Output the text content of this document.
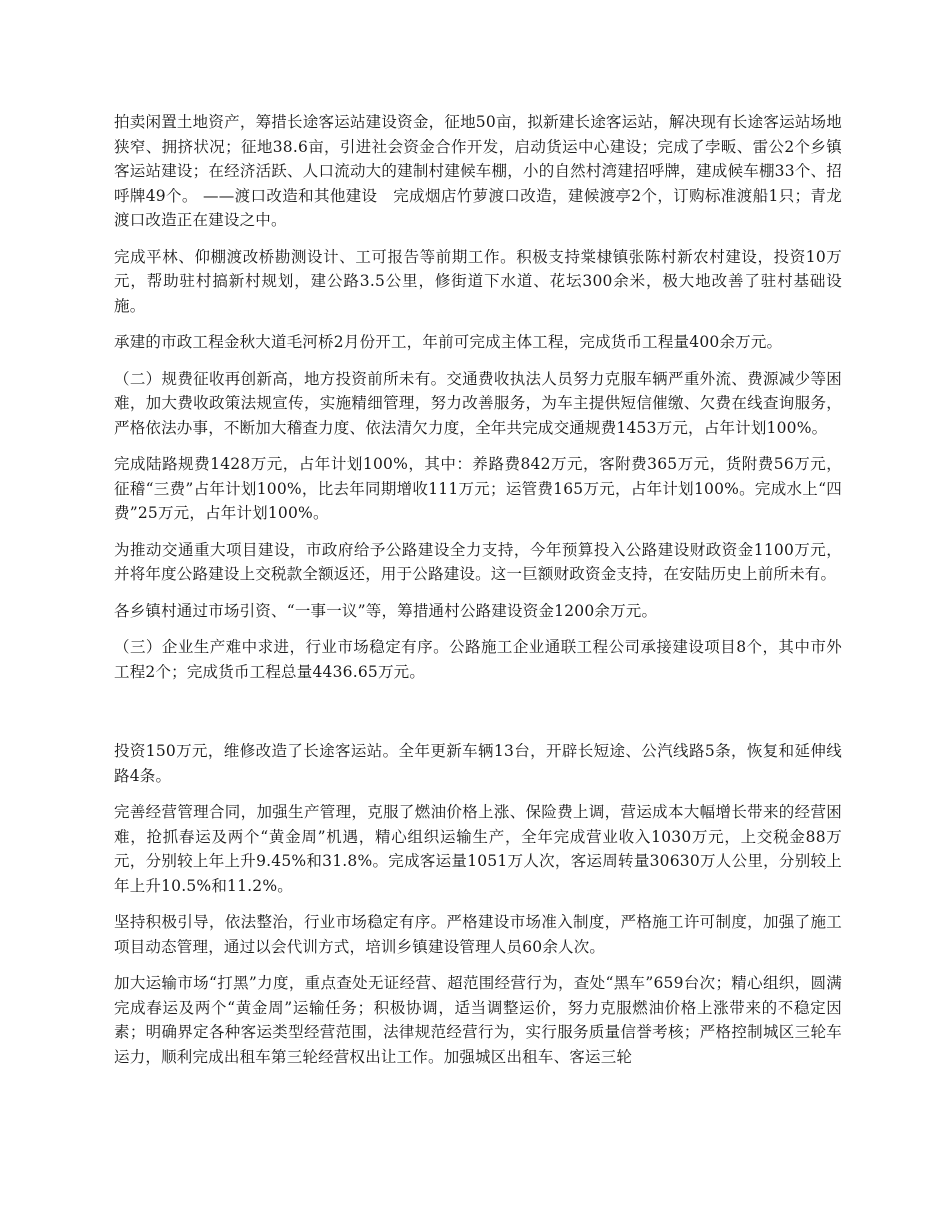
拍卖闲置土地资产，筹措长途客运站建设资金，征地50亩，拟新建长途客运站，解决现有长途客运站场地狭窄、拥挤状况；征地38.6亩，引进社会资金合作开发，启动货运中心建设；完成了孛畈、雷公2个乡镇客运站建设；在经济活跃、人口流动大的建制村建候车棚，小的自然村湾建招呼牌，建成候车棚33个、招呼牌49个。 ——渡口改造和其他建设　完成烟店竹萝渡口改造，建候渡亭2个，订购标准渡船1只；青龙渡口改造正在建设之中。

完成平林、仰棚渡改桥勘测设计、工可报告等前期工作。积极支持棠棣镇张陈村新农村建设，投资10万元，帮助驻村搞新村规划，建公路3.5公里，修街道下水道、花坛300余米，极大地改善了驻村基础设施。

承建的市政工程金秋大道毛河桥2月份开工，年前可完成主体工程，完成货币工程量400余万元。

（二）规费征收再创新高，地方投资前所未有。交通费收执法人员努力克服车辆严重外流、费源减少等困难，加大费收政策法规宣传，实施精细管理，努力改善服务，为车主提供短信催缴、欠费在线查询服务，严格依法办事，不断加大稽查力度、依法清欠力度，全年共完成交通规费1453万元，占年计划100%。

完成陆路规费1428万元，占年计划100%，其中：养路费842万元，客附费365万元，货附费56万元，征稽“三费”占年计划100%，比去年同期增收111万元；运管费165万元，占年计划100%。完成水上“四费”25万元，占年计划100%。

为推动交通重大项目建设，市政府给予公路建设全力支持，今年预算投入公路建设财政资金1100万元，并将年度公路建设上交税款全额返还，用于公路建设。这一巨额财政资金支持，在安陆历史上前所未有。

各乡镇村通过市场引资、“一事一议”等，筹措通村公路建设资金1200余万元。

（三）企业生产难中求进，行业市场稳定有序。公路施工企业通联工程公司承接建设项目8个，其中市外工程2个；完成货币工程总量4436.65万元。

投资150万元，维修改造了长途客运站。全年更新车辆13台，开辟长短途、公汽线路5条，恢复和延伸线路4条。

完善经营管理合同，加强生产管理，克服了燃油价格上涨、保险费上调，营运成本大幅增长带来的经营困难，抢抓春运及两个“黄金周”机遇，精心组织运输生产，全年完成营业收入1030万元，上交税金88万元，分别较上年上升9.45%和31.8%。完成客运量1051万人次，客运周转量30630万人公里，分别较上年上升10.5%和11.2%。

坚持积极引导，依法整治，行业市场稳定有序。严格建设市场准入制度，严格施工许可制度，加强了施工项目动态管理，通过以会代训方式，培训乡镇建设管理人员60余人次。

加大运输市场“打黑”力度，重点查处无证经营、超范围经营行为，查处“黑车”659台次；精心组织，圆满完成春运及两个“黄金周”运输任务；积极协调，适当调整运价，努力克服燃油价格上涨带来的不稳定因素；明确界定各种客运类型经营范围，法律规范经营行为，实行服务质量信誉考核；严格控制城区三轮车运力，顺利完成出租车第三轮经营权出让工作。加强城区出租车、客运三轮
